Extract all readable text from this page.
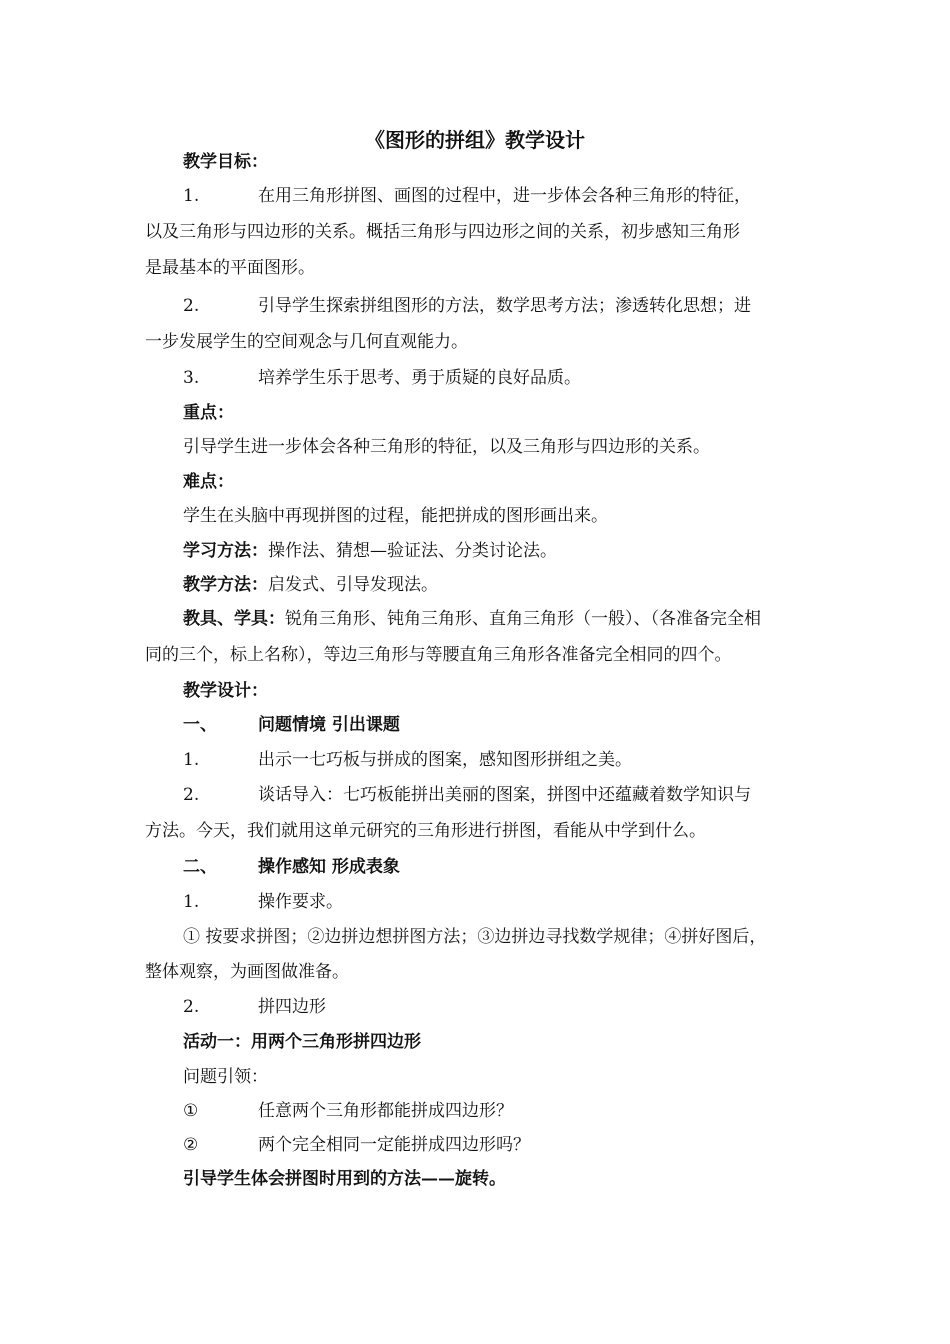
《图形的拼组》教学设计
教学目标：
1.	在用三角形拼图、画图的过程中，进一步体会各种三角形的特征，
以及三角形与四边形的关系。概括三角形与四边形之间的关系，初步感知三角形
是最基本的平面图形。
2.	引导学生探索拼组图形的方法，数学思考方法；渗透转化思想；进
一步发展学生的空间观念与几何直观能力。
3.	培养学生乐于思考、勇于质疑的良好品质。
重点：
引导学生进一步体会各种三角形的特征，以及三角形与四边形的关系。
难点：
学生在头脑中再现拼图的过程，能把拼成的图形画出来。
学习方法：操作法、猜想—验证法、分类讨论法。
教学方法：启发式、引导发现法。
教具、学具：锐角三角形、钝角三角形、直角三角形（一般）、（各准备完全相
同的三个，标上名称），等边三角形与等腰直角三角形各准备完全相同的四个。
教学设计：
一、 问题情境 引出课题
1.	出示一七巧板与拼成的图案，感知图形拼组之美。
2.	谈话导入：七巧板能拼出美丽的图案，拼图中还蕴藏着数学知识与
方法。今天，我们就用这单元研究的三角形进行拼图，看能从中学到什么。
二、 操作感知 形成表象
1.	操作要求。
① 按要求拼图；②边拼边想拼图方法；③边拼边寻找数学规律；④拼好图后，
整体观察，为画图做准备。
2.	拼四边形
活动一：用两个三角形拼四边形
问题引领：
①	任意两个三角形都能拼成四边形？
②	两个完全相同一定能拼成四边形吗？
引导学生体会拼图时用到的方法——旋转。
